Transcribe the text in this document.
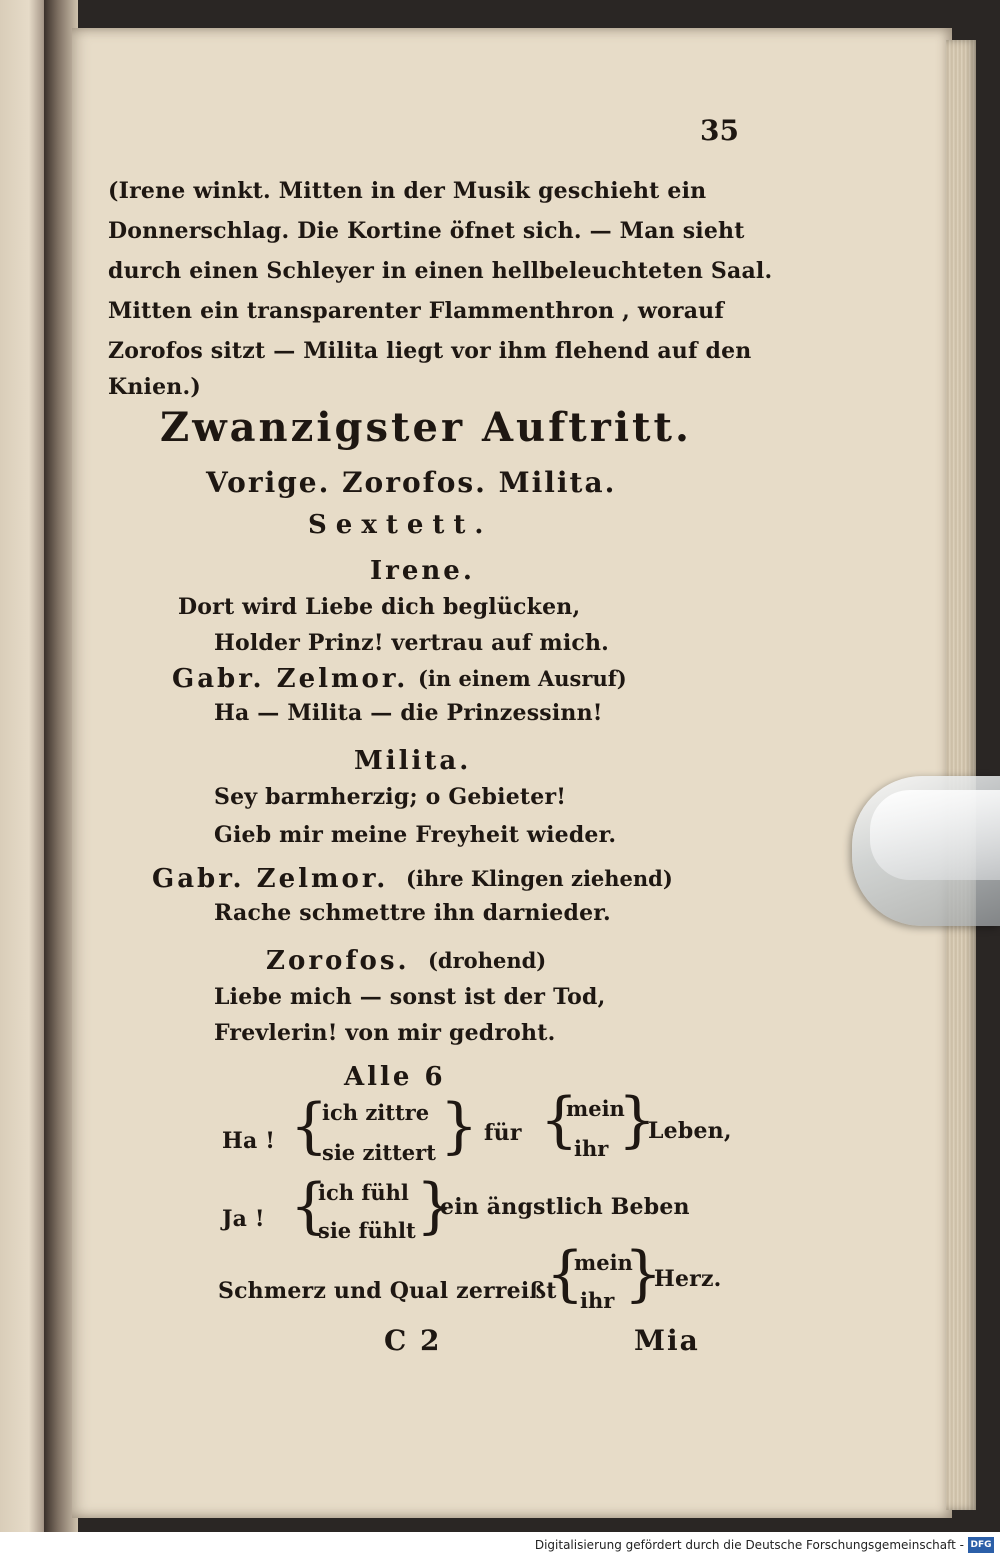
35
(Irene winkt. Mitten in der Musik geschieht ein
Donnerschlag. Die Kortine öfnet sich. — Man sieht
durch einen Schleyer in einen hellbeleuchteten Saal.
Mitten ein transparenter Flammenthron , worauf
Zorofos sitzt — Milita liegt vor ihm flehend auf den
Knien.)
Zwanzigster Auftritt.
Vorige. Zorofos. Milita.
Sextett.
Irene.
Dort wird Liebe dich beglücken,
Holder Prinz! vertrau auf mich.
Gabr. Zelmor. (in einem Ausruf)
Ha — Milita — die Prinzessinn!
Milita.
Sey barmherzig; o Gebieter!
Gieb mir meine Freyheit wieder.
Gabr. Zelmor. (ihre Klingen ziehend)
Rache schmettre ihn darnieder.
Zorofos. (drohend)
Liebe mich — sonst ist der Tod,
Frevlerin! von mir gedroht.
Alle 6
Ha ! {
ich zittre
sie zittert } für {
mein
ihr }
Leben,
Ja ! {
ich fühl
sie fühlt }
ein ängstlich Beben
Schmerz und Qual zerreißt
{
mein
ihr }
Herz.
C 2	Mia
Digitalisierung gefördert durch die Deutsche Forschungsgemeinschaft - DFG
